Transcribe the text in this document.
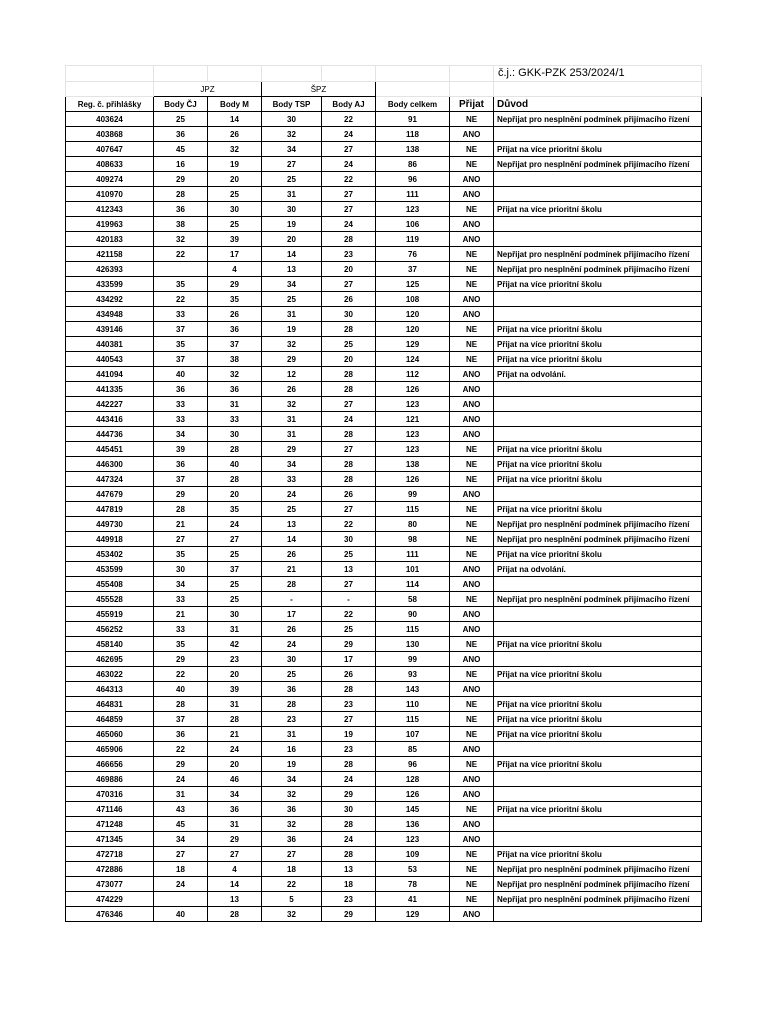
							č.j.: GKK-PZK 253/2024/1
	JPZ		ŠPZ				
Reg. č. přihlášky	Body ČJ	Body M	Body TSP	Body AJ	Body celkem	Přijat	Důvod
403624	25	14	30	22	91	NE	Nepřijat pro nesplnění podmínek přijímacího řízení
403868	36	26	32	24	118	ANO	
407647	45	32	34	27	138	NE	Přijat na více prioritní školu
408633	16	19	27	24	86	NE	Nepřijat pro nesplnění podmínek přijímacího řízení
409274	29	20	25	22	96	ANO	
410970	28	25	31	27	111	ANO	
412343	36	30	30	27	123	NE	Přijat na více prioritní školu
419963	38	25	19	24	106	ANO	
420183	32	39	20	28	119	ANO	
421158	22	17	14	23	76	NE	Nepřijat pro nesplnění podmínek přijímacího řízení
426393		4	13	20	37	NE	Nepřijat pro nesplnění podmínek přijímacího řízení
433599	35	29	34	27	125	NE	Přijat na více prioritní školu
434292	22	35	25	26	108	ANO	
434948	33	26	31	30	120	ANO	
439146	37	36	19	28	120	NE	Přijat na více prioritní školu
440381	35	37	32	25	129	NE	Přijat na více prioritní školu
440543	37	38	29	20	124	NE	Přijat na více prioritní školu
441094	40	32	12	28	112	ANO	Přijat na odvolání.
441335	36	36	26	28	126	ANO	
442227	33	31	32	27	123	ANO	
443416	33	33	31	24	121	ANO	
444736	34	30	31	28	123	ANO	
445451	39	28	29	27	123	NE	Přijat na více prioritní školu
446300	36	40	34	28	138	NE	Přijat na více prioritní školu
447324	37	28	33	28	126	NE	Přijat na více prioritní školu
447679	29	20	24	26	99	ANO	
447819	28	35	25	27	115	NE	Přijat na více prioritní školu
449730	21	24	13	22	80	NE	Nepřijat pro nesplnění podmínek přijímacího řízení
449918	27	27	14	30	98	NE	Nepřijat pro nesplnění podmínek přijímacího řízení
453402	35	25	26	25	111	NE	Přijat na více prioritní školu
453599	30	37	21	13	101	ANO	Přijat na odvolání.
455408	34	25	28	27	114	ANO	
455528	33	25	-	-	58	NE	Nepřijat pro nesplnění podmínek přijímacího řízení
455919	21	30	17	22	90	ANO	
456252	33	31	26	25	115	ANO	
458140	35	42	24	29	130	NE	Přijat na více prioritní školu
462695	29	23	30	17	99	ANO	
463022	22	20	25	26	93	NE	Přijat na více prioritní školu
464313	40	39	36	28	143	ANO	
464831	28	31	28	23	110	NE	Přijat na více prioritní školu
464859	37	28	23	27	115	NE	Přijat na více prioritní školu
465060	36	21	31	19	107	NE	Přijat na více prioritní školu
465906	22	24	16	23	85	ANO	
466656	29	20	19	28	96	NE	Přijat na více prioritní školu
469886	24	46	34	24	128	ANO	
470316	31	34	32	29	126	ANO	
471146	43	36	36	30	145	NE	Přijat na více prioritní školu
471248	45	31	32	28	136	ANO	
471345	34	29	36	24	123	ANO	
472718	27	27	27	28	109	NE	Přijat na více prioritní školu
472886	18	4	18	13	53	NE	Nepřijat pro nesplnění podmínek přijímacího řízení
473077	24	14	22	18	78	NE	Nepřijat pro nesplnění podmínek přijímacího řízení
474229		13	5	23	41	NE	Nepřijat pro nesplnění podmínek přijímacího řízení
476346	40	28	32	29	129	ANO	
